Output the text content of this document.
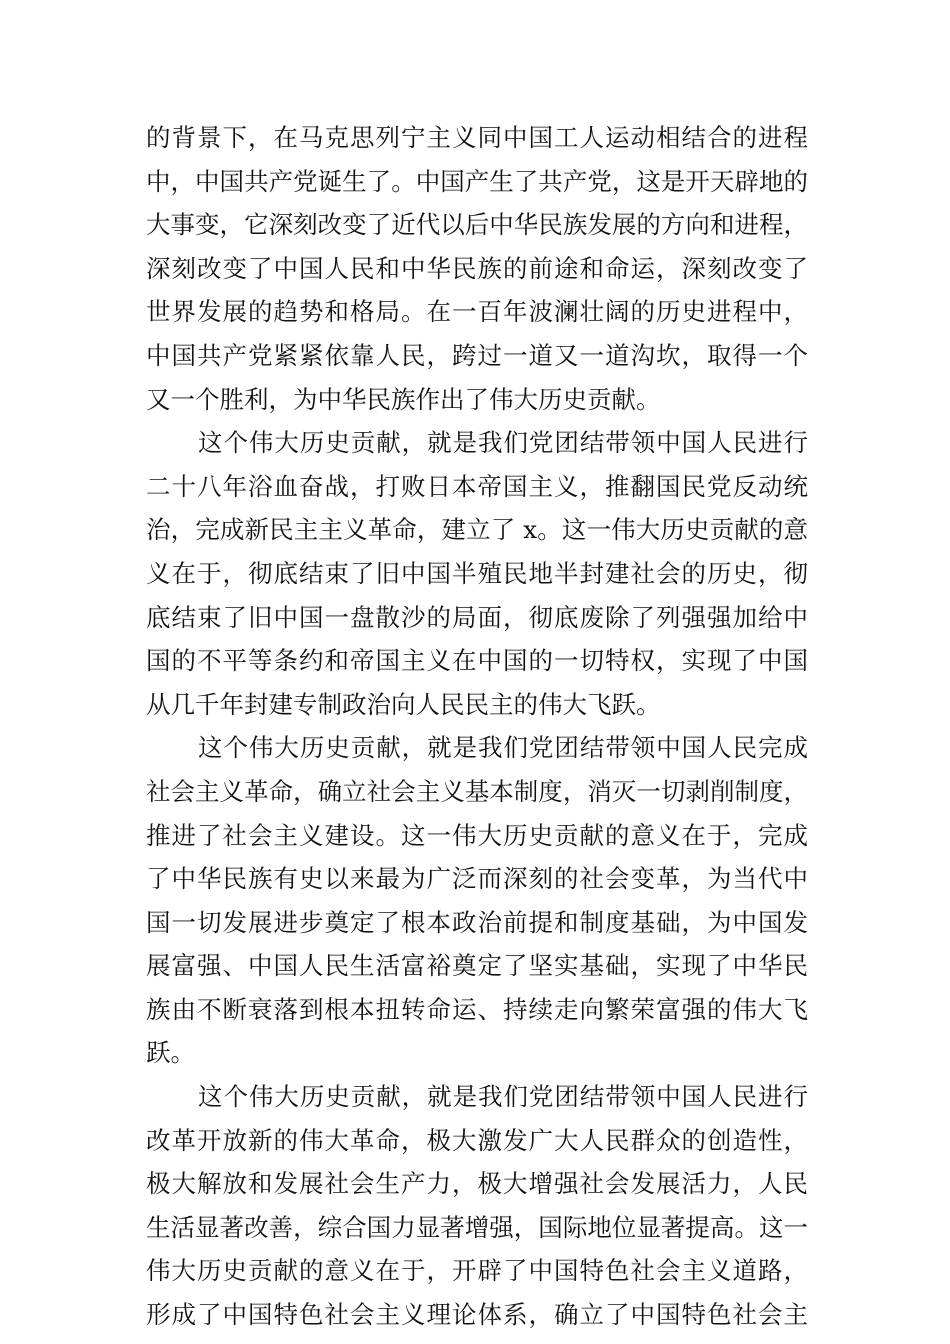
的背景下，在马克思列宁主义同中国工人运动相结合的进程
中，中国共产党诞生了。中国产生了共产党，这是开天辟地的
大事变，它深刻改变了近代以后中华民族发展的方向和进程，
深刻改变了中国人民和中华民族的前途和命运，深刻改变了
世界发展的趋势和格局。在一百年波澜壮阔的历史进程中，
中国共产党紧紧依靠人民，跨过一道又一道沟坎，取得一个
又一个胜利，为中华民族作出了伟大历史贡献。
这个伟大历史贡献，就是我们党团结带领中国人民进行
二十八年浴血奋战，打败日本帝国主义，推翻国民党反动统
治，完成新民主主义革命，建立了 x。这一伟大历史贡献的意
义在于，彻底结束了旧中国半殖民地半封建社会的历史，彻
底结束了旧中国一盘散沙的局面，彻底废除了列强强加给中
国的不平等条约和帝国主义在中国的一切特权，实现了中国
从几千年封建专制政治向人民民主的伟大飞跃。
这个伟大历史贡献，就是我们党团结带领中国人民完成
社会主义革命，确立社会主义基本制度，消灭一切剥削制度，
推进了社会主义建设。这一伟大历史贡献的意义在于，完成
了中华民族有史以来最为广泛而深刻的社会变革，为当代中
国一切发展进步奠定了根本政治前提和制度基础，为中国发
展富强、中国人民生活富裕奠定了坚实基础，实现了中华民
族由不断衰落到根本扭转命运、持续走向繁荣富强的伟大飞
跃。
这个伟大历史贡献，就是我们党团结带领中国人民进行
改革开放新的伟大革命，极大激发广大人民群众的创造性，
极大解放和发展社会生产力，极大增强社会发展活力，人民
生活显著改善，综合国力显著增强，国际地位显著提高。这一
伟大历史贡献的意义在于，开辟了中国特色社会主义道路，
形成了中国特色社会主义理论体系，确立了中国特色社会主
